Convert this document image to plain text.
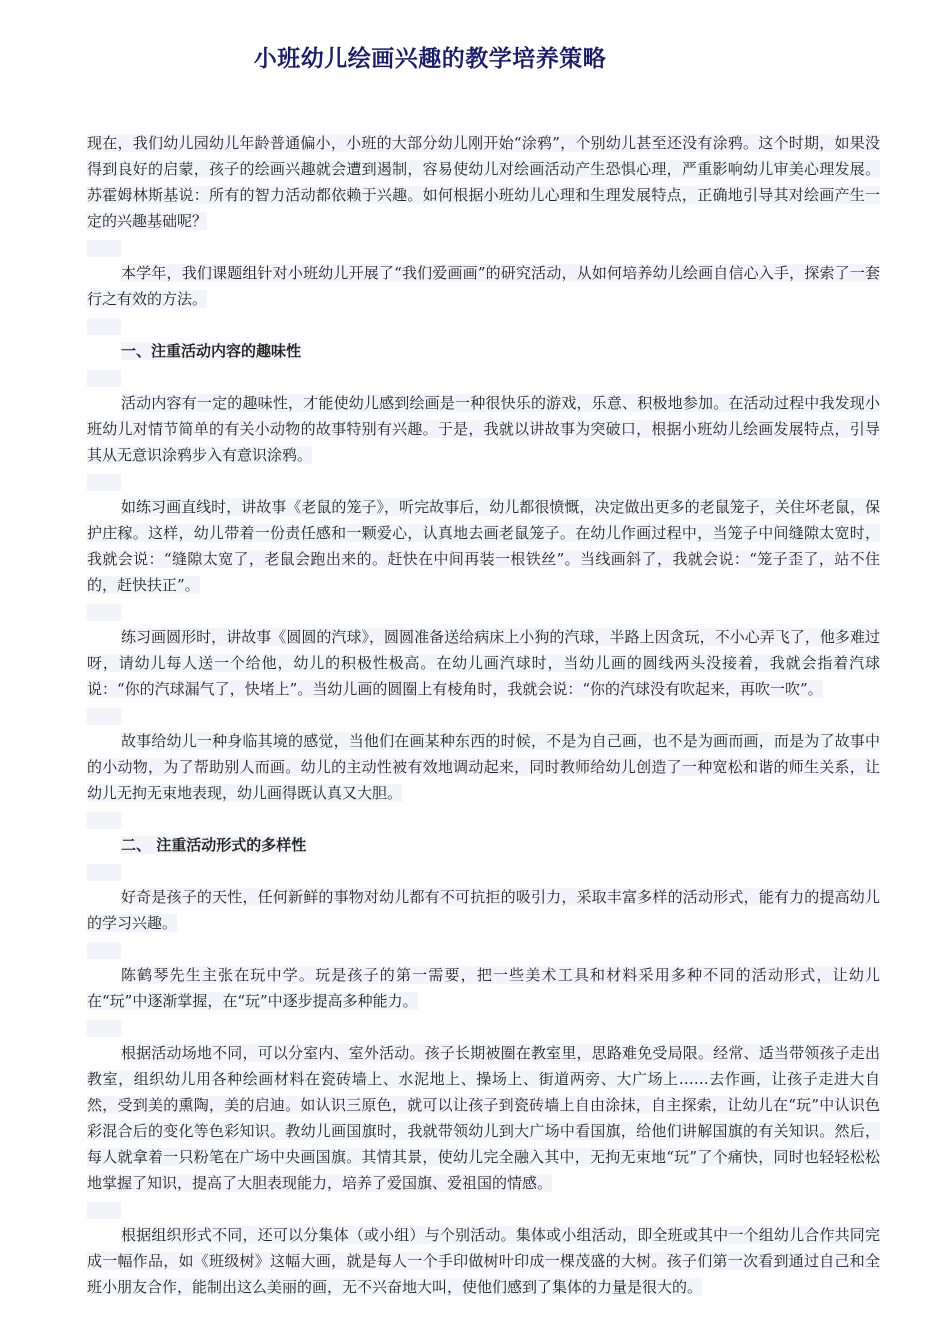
小班幼儿绘画兴趣的教学培养策略

现在，我们幼儿园幼儿年龄普通偏小，小班的大部分幼儿刚开始“涂鸦”，个别幼儿甚至还没有涂鸦。这个时期，如果没得到良好的启蒙，孩子的绘画兴趣就会遭到遏制，容易使幼儿对绘画活动产生恐惧心理，严重影响幼儿审美心理发展。苏霍姆林斯基说：所有的智力活动都依赖于兴趣。如何根据小班幼儿心理和生理发展特点，正确地引导其对绘画产生一定的兴趣基础呢？

本学年，我们课题组针对小班幼儿开展了“我们爱画画”的研究活动，从如何培养幼儿绘画自信心入手，探索了一套行之有效的方法。

一、注重活动内容的趣味性

活动内容有一定的趣味性，才能使幼儿感到绘画是一种很快乐的游戏，乐意、积极地参加。在活动过程中我发现小班幼儿对情节简单的有关小动物的故事特别有兴趣。于是，我就以讲故事为突破口，根据小班幼儿绘画发展特点，引导其从无意识涂鸦步入有意识涂鸦。

如练习画直线时，讲故事《老鼠的笼子》，听完故事后，幼儿都很愤慨，决定做出更多的老鼠笼子，关住坏老鼠，保护庄稼。这样，幼儿带着一份责任感和一颗爱心，认真地去画老鼠笼子。在幼儿作画过程中，当笼子中间缝隙太宽时，我就会说：“缝隙太宽了，老鼠会跑出来的。赶快在中间再装一根铁丝”。当线画斜了，我就会说：“笼子歪了，站不住的，赶快扶正”。

练习画圆形时，讲故事《圆圆的汽球》，圆圆准备送给病床上小狗的汽球，半路上因贪玩，不小心弄飞了，他多难过呀，请幼儿每人送一个给他，幼儿的积极性极高。在幼儿画汽球时，当幼儿画的圆线两头没接着，我就会指着汽球说：“你的汽球漏气了，快堵上”。当幼儿画的圆圈上有棱角时，我就会说：“你的汽球没有吹起来，再吹一吹”。

故事给幼儿一种身临其境的感觉，当他们在画某种东西的时候，不是为自己画，也不是为画而画，而是为了故事中的小动物，为了帮助别人而画。幼儿的主动性被有效地调动起来，同时教师给幼儿创造了一种宽松和谐的师生关系，让幼儿无拘无束地表现，幼儿画得既认真又大胆。

二、 注重活动形式的多样性

好奇是孩子的天性，任何新鲜的事物对幼儿都有不可抗拒的吸引力，采取丰富多样的活动形式，能有力的提高幼儿的学习兴趣。

陈鹤琴先生主张在玩中学。玩是孩子的第一需要，把一些美术工具和材料采用多种不同的活动形式，让幼儿在“玩”中逐渐掌握，在“玩”中逐步提高多种能力。

根据活动场地不同，可以分室内、室外活动。孩子长期被圈在教室里，思路难免受局限。经常、适当带领孩子走出教室，组织幼儿用各种绘画材料在瓷砖墙上、水泥地上、操场上、街道两旁、大广场上……去作画，让孩子走进大自然，受到美的熏陶，美的启迪。如认识三原色，就可以让孩子到瓷砖墙上自由涂抹，自主探索，让幼儿在“玩”中认识色彩混合后的变化等色彩知识。教幼儿画国旗时，我就带领幼儿到大广场中看国旗，给他们讲解国旗的有关知识。然后，每人就拿着一只粉笔在广场中央画国旗。其情其景，使幼儿完全融入其中，无拘无束地“玩”了个痛快，同时也轻轻松松地掌握了知识，提高了大胆表现能力，培养了爱国旗、爱祖国的情感。

根据组织形式不同，还可以分集体（或小组）与个别活动。集体或小组活动，即全班或其中一个组幼儿合作共同完成一幅作品，如《班级树》这幅大画，就是每人一个手印做树叶印成一棵茂盛的大树。孩子们第一次看到通过自己和全班小朋友合作，能制出这么美丽的画，无不兴奋地大叫，使他们感到了集体的力量是很大的。
